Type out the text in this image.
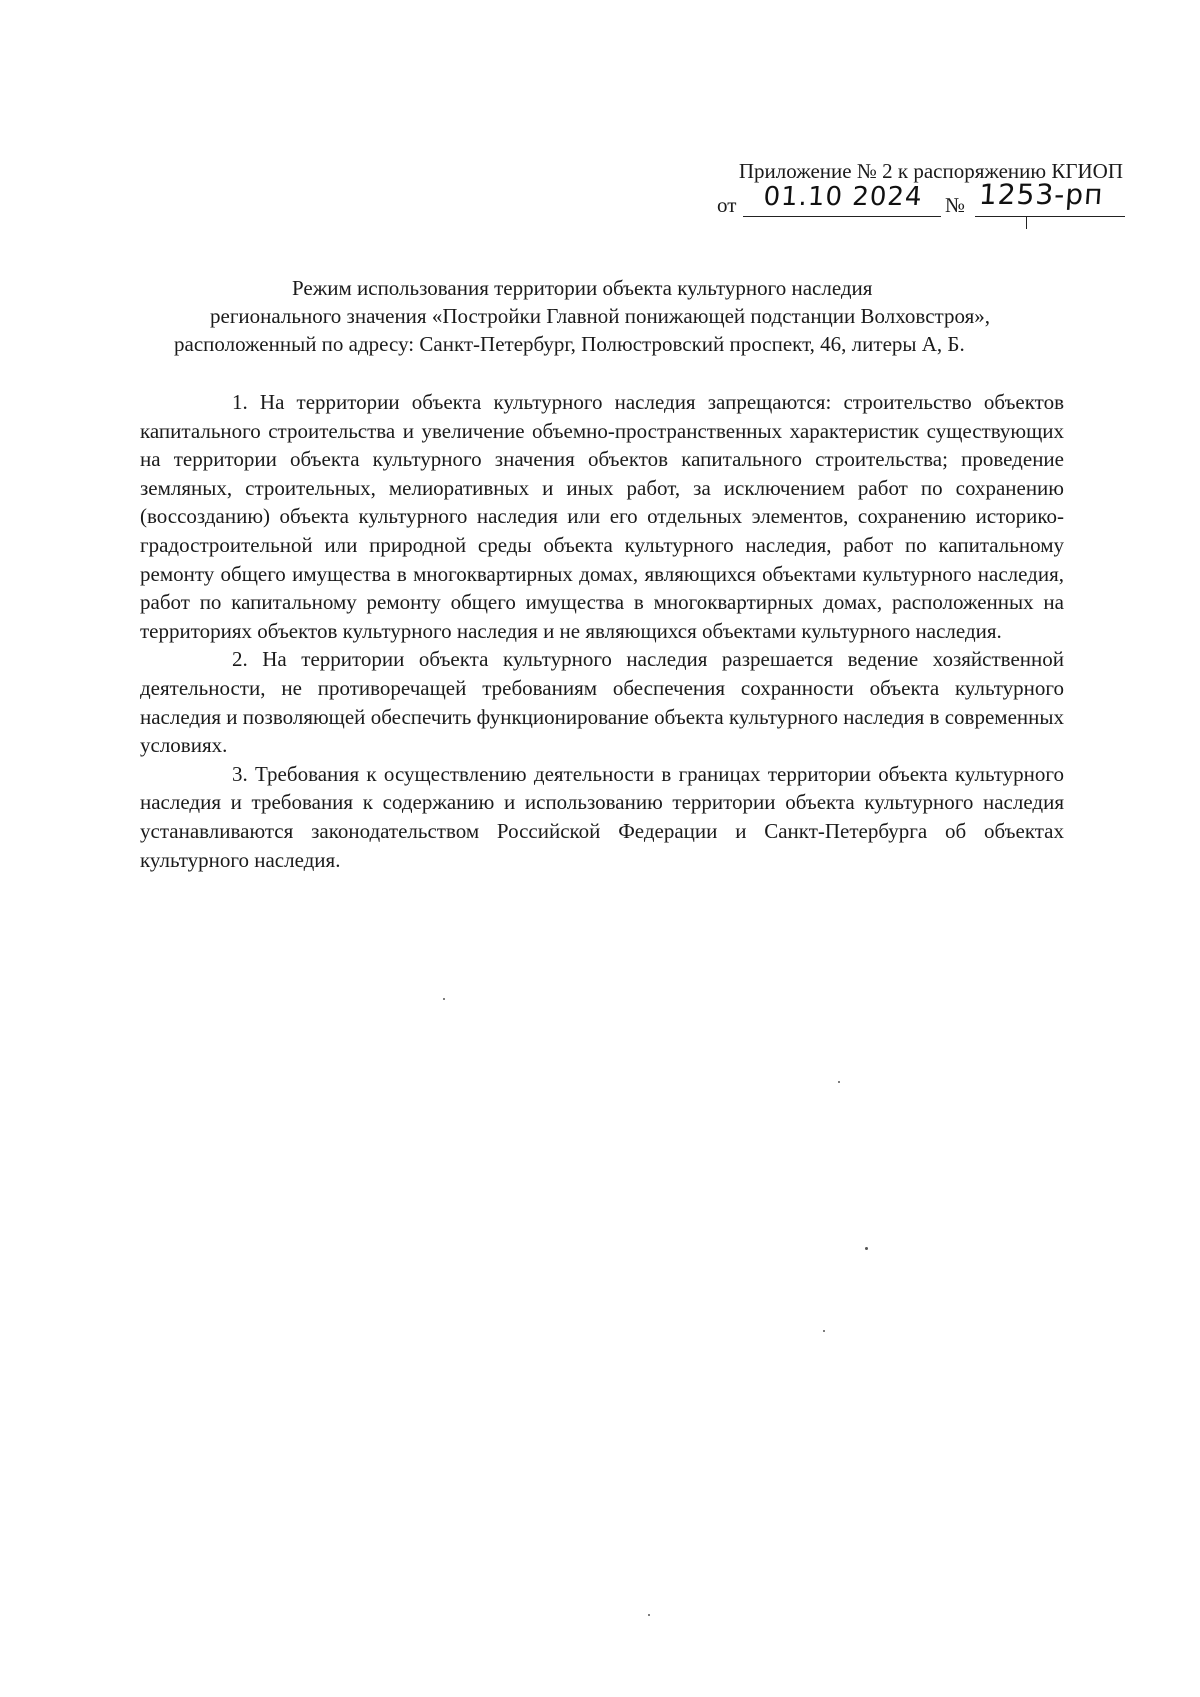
Приложение № 2 к распоряжению КГИОП
от	01.10 2024	№ 1253-рп
Режим использования территории объекта культурного наследия
регионального значения «Постройки Главной понижающей подстанции Волховстроя»,
расположенный по адресу: Санкт-Петербург, Полюстровский проспект, 46, литеры А, Б.

1. На территории объекта культурного наследия запрещаются: строительство объектов капитального строительства и увеличение объемно-пространственных характеристик существующих на территории объекта культурного значения объектов капитального строительства; проведение земляных, строительных, мелиоративных и иных работ, за исключением работ по сохранению (воссозданию) объекта культурного наследия или его отдельных элементов, сохранению историко-градостроительной или природной среды объекта культурного наследия, работ по капитальному ремонту общего имущества в многоквартирных домах, являющихся объектами культурного наследия, работ по капитальному ремонту общего имущества в многоквартирных домах, расположенных на территориях объектов культурного наследия и не являющихся объектами культурного наследия.

2. На территории объекта культурного наследия разрешается ведение хозяйственной деятельности, не противоречащей требованиям обеспечения сохранности объекта культурного наследия и позволяющей обеспечить функционирование объекта культурного наследия в современных условиях.

3. Требования к осуществлению деятельности в границах территории объекта культурного наследия и требования к содержанию и использованию территории объекта культурного наследия устанавливаются законодательством Российской Федерации и Санкт-Петербурга об объектах культурного наследия.
